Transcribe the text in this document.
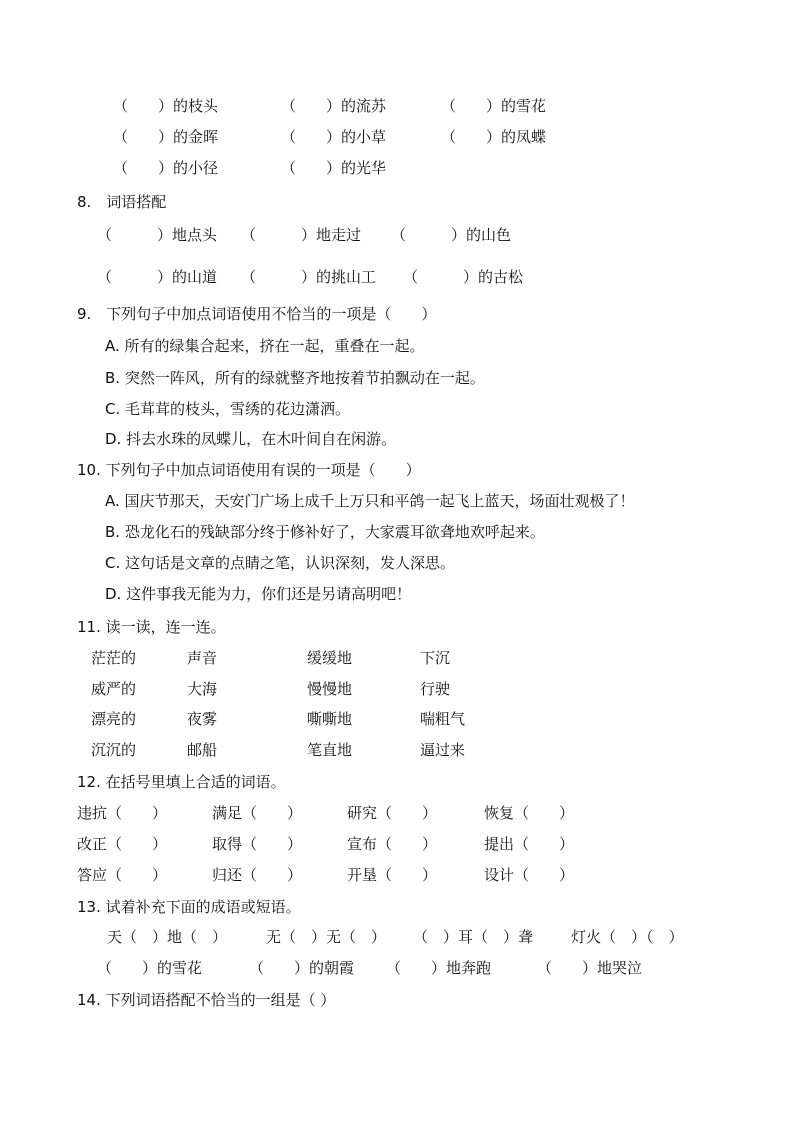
（　　）的枝头	（　　）的流苏	（　　）的雪花
（　　）的金晖	（　　）的小草	（　　）的凤蝶
（　　）的小径	（　　）的光华
8.　词语搭配
（　　　）地点头 （　　　）地走过 （　　　）的山色
（　　　）的山道 （　　　）的挑山工 （　　　）的古松
9.　下列句子中加点词语使用不恰当的一项是（　　）
A. 所有的绿集合起来，挤在一起，重叠在一起。
B. 突然一阵风，所有的绿就整齐地按着节拍飘动在一起。
C. 毛茸茸的枝头，雪绣的花边潇洒。
D. 抖去水珠的凤蝶儿，在木叶间自在闲游。
10. 下列句子中加点词语使用有误的一项是（　　）
A. 国庆节那天，天安门广场上成千上万只和平鸽一起飞上蓝天，场面壮观极了！
B. 恐龙化石的残缺部分终于修补好了，大家震耳欲聋地欢呼起来。
C. 这句话是文章的点睛之笔，认识深刻，发人深思。
D. 这件事我无能为力，你们还是另请高明吧！
11. 读一读，连一连。
茫茫的	声音	缓缓地	下沉
威严的	大海	慢慢地	行驶
漂亮的	夜雾	嘶嘶地	喘粗气
沉沉的	邮船	笔直地	逼过来
12. 在括号里填上合适的词语。
违抗（　　）	满足（　　）	研究（　　）	恢复（　　）
改正（　　）	取得（　　）	宣布（　　）	提出（　　）
答应（　　）	归还（　　）	开垦（　　）	设计（　　）
13. 试着补充下面的成语或短语。
天（　）地（　）	无（　）无（　） （　）耳（　）聋	灯火（　）（　）
（　　）的雪花	（　　）的朝霞 （　　）地奔跑	（　　）地哭泣
14. 下列词语搭配不恰当的一组是（ ）
